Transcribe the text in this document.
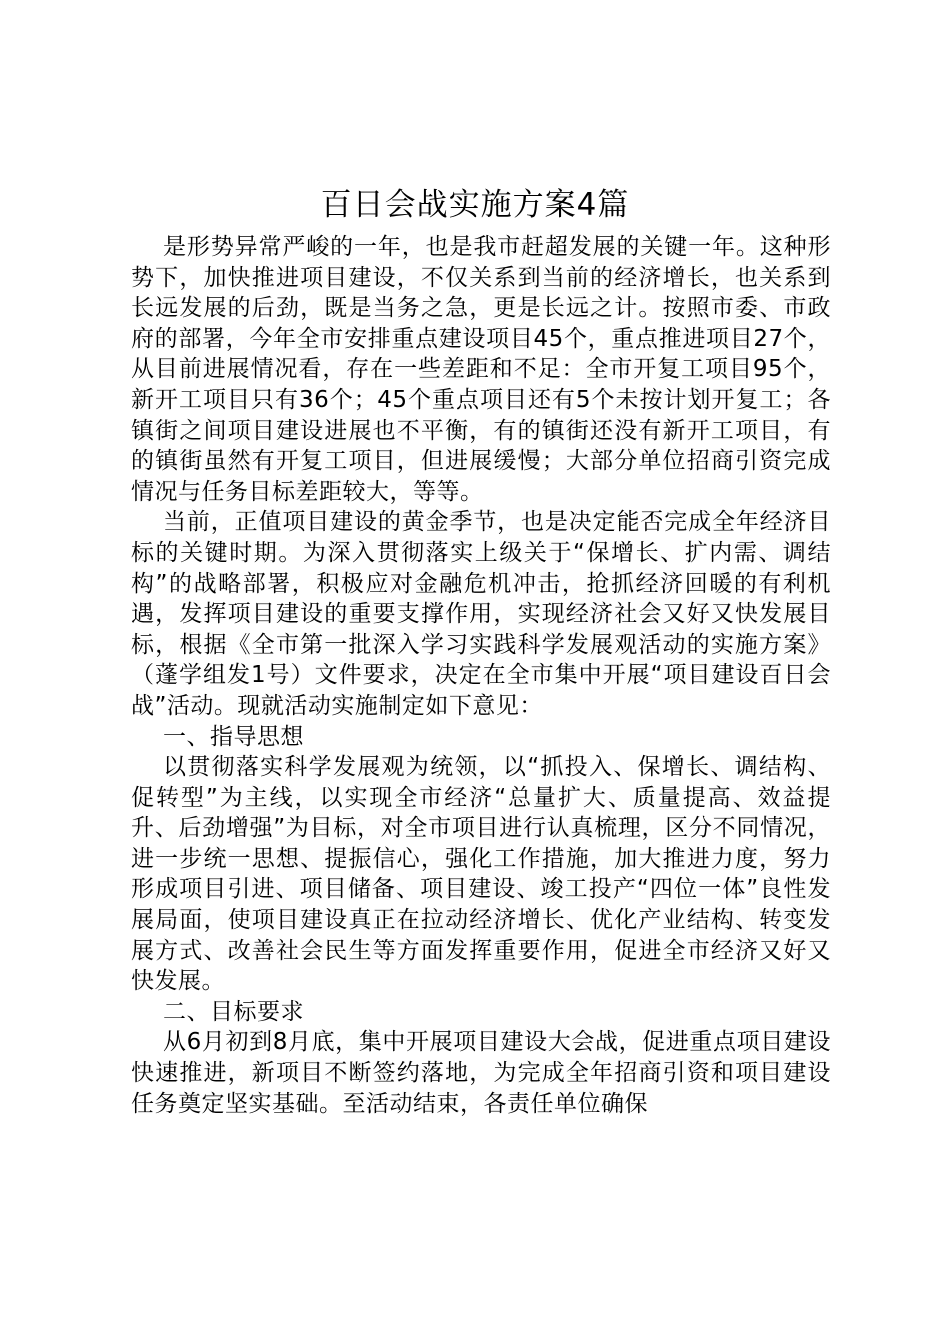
百日会战实施方案4篇

是形势异常严峻的一年，也是我市赶超发展的关键一年。这种形势下，加快推进项目建设，不仅关系到当前的经济增长，也关系到长远发展的后劲，既是当务之急，更是长远之计。按照市委、市政府的部署，今年全市安排重点建设项目45个，重点推进项目27个，从目前进展情况看，存在一些差距和不足：全市开复工项目95个，新开工项目只有36个；45个重点项目还有5个未按计划开复工；各镇街之间项目建设进展也不平衡，有的镇街还没有新开工项目，有的镇街虽然有开复工项目，但进展缓慢；大部分单位招商引资完成情况与任务目标差距较大，等等。

当前，正值项目建设的黄金季节，也是决定能否完成全年经济目标的关键时期。为深入贯彻落实上级关于“保增长、扩内需、调结构”的战略部署，积极应对金融危机冲击，抢抓经济回暖的有利机遇，发挥项目建设的重要支撑作用，实现经济社会又好又快发展目标，根据《全市第一批深入学习实践科学发展观活动的实施方案》（蓬学组发1号）文件要求，决定在全市集中开展“项目建设百日会战”活动。现就活动实施制定如下意见：

一、指导思想

以贯彻落实科学发展观为统领，以“抓投入、保增长、调结构、促转型”为主线，以实现全市经济“总量扩大、质量提高、效益提升、后劲增强”为目标，对全市项目进行认真梳理，区分不同情况，进一步统一思想、提振信心，强化工作措施，加大推进力度，努力形成项目引进、项目储备、项目建设、竣工投产“四位一体”良性发展局面，使项目建设真正在拉动经济增长、优化产业结构、转变发展方式、改善社会民生等方面发挥重要作用，促进全市经济又好又快发展。

二、目标要求

从6月初到8月底，集中开展项目建设大会战，促进重点项目建设快速推进，新项目不断签约落地，为完成全年招商引资和项目建设任务奠定坚实基础。至活动结束，各责任单位确保
